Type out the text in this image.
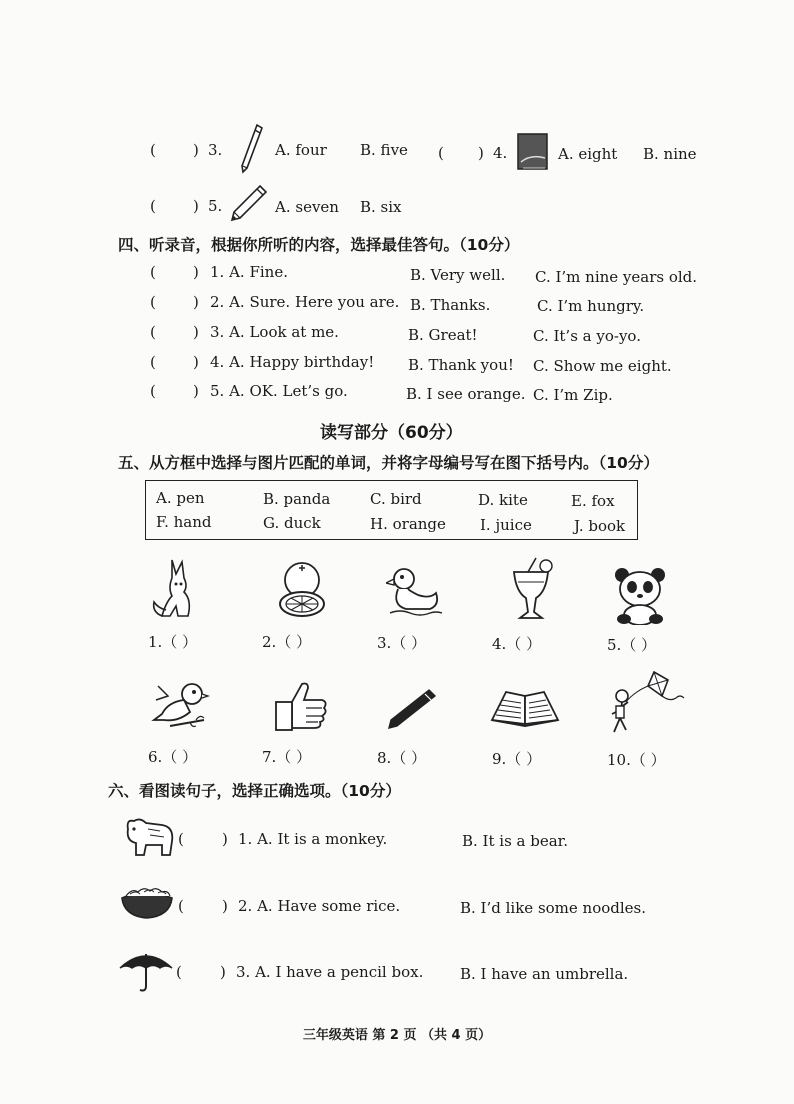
( ) 3.	A. four B. five ( ) 4.	A. eight B. nine
( ) 5.	A. seven B. six
四、听录音，根据你所听的内容，选择最佳答句。（10分）
( ) 1. A. Fine.	B. Very well. C. I’m nine years old.
( ) 2. A. Sure. Here you are. B. Thanks.	C. I’m hungry.
( ) 3. A. Look at me.	B. Great!	C. It’s a yo-yo.
( ) 4. A. Happy birthday! B. Thank you! C. Show me eight.
( ) 5. A. OK. Let’s go.	B. I see orange. C. I’m Zip.
读写部分（60分）
五、从方框中选择与图片匹配的单词，并将字母编号写在图下括号内。（10分）
A. pen	B. panda	C. bird	D. kite	E. fox
F. hand	G. duck	H. orange I. juice	J. book
1.（ ）	2.（ ）	3.（ ）	4.（ ）	5.（ ）
6.（ ）	7.（ ）	8.（ ）	9.（ ）	10.（ ）
六、看图读句子，选择正确选项。（10分）
(	) 1. A. It is a monkey.	B. It is a bear.
(	) 2. A. Have some rice.	B. I’d like some noodles.
(	) 3. A. I have a pencil box. B. I have an umbrella.
三年级英语 第 2 页 （共 4 页）
